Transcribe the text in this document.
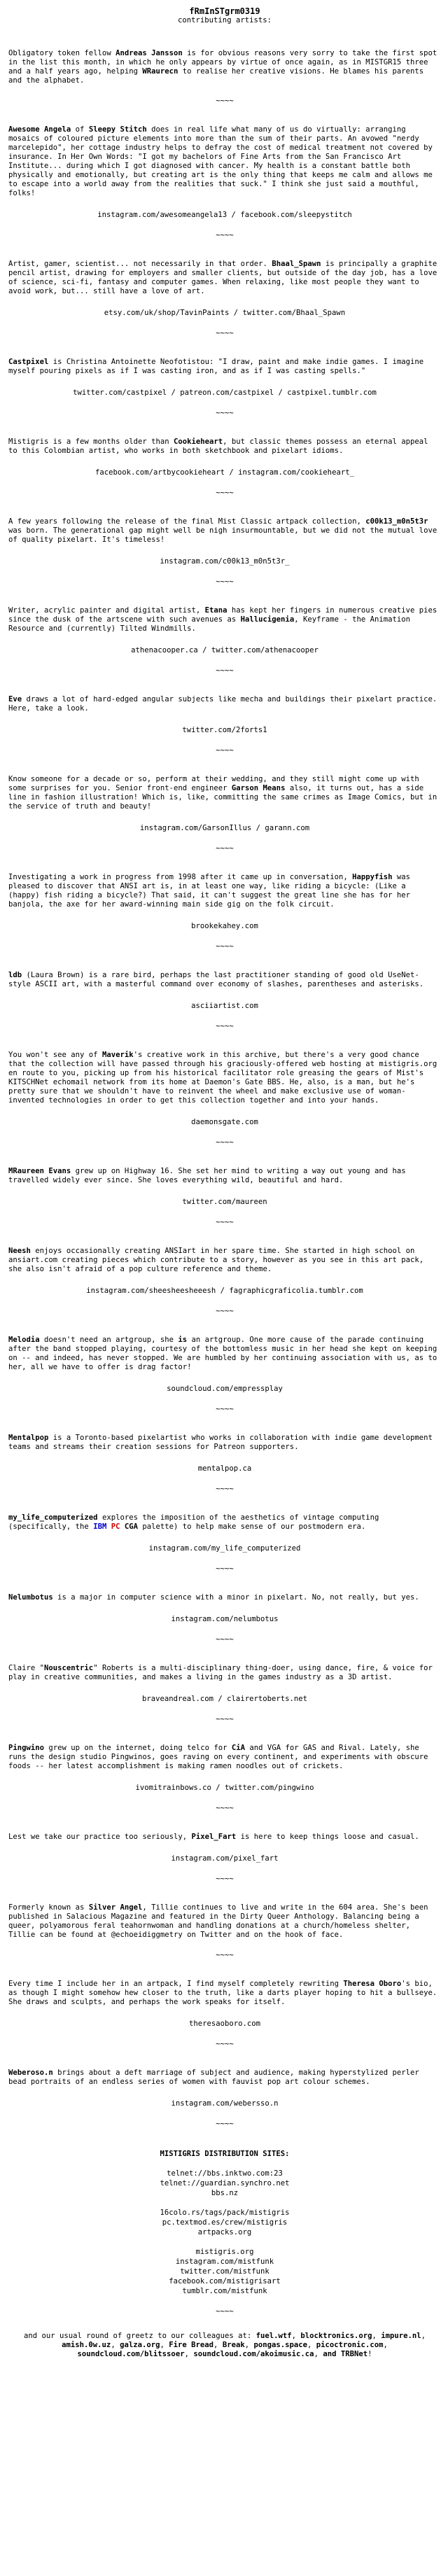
fRmInSTgrm0319
contributing artists:

Obligatory token fellow Andreas Jansson is for obvious reasons very sorry to take the first spot in the list this month, in which he only appears by virtue of once again, as in MISTGR15 three and a half years ago, helping WRaurecn to realise her creative visions. He blames his parents and the alphabet.

~~~~

Awesome Angela of Sleepy Stitch does in real life what many of us do virtually: arranging mosaics of coloured picture elements into more than the sum of their parts. An avowed "nerdy marcelepido", her cottage industry helps to defray the cost of medical treatment not covered by insurance. In Her Own Words: "I got my bachelors of Fine Arts from the San Francisco Art Institute... during which I got diagnosed with cancer. My health is a constant battle both physically and emotionally, but creating art is the only thing that keeps me calm and allows me to escape into a world away from the realities that suck." I think she just said a mouthful, folks!

instagram.com/awesomeangela13 / facebook.com/sleepystitch
~~~~

Artist, gamer, scientist... not necessarily in that order. Bhaal_Spawn is principally a graphite pencil artist, drawing for employers and smaller clients, but outside of the day job, has a love of science, sci-fi, fantasy and computer games. When relaxing, like most people they want to avoid work, but... still have a love of art.

etsy.com/uk/shop/TavinPaints / twitter.com/Bhaal_Spawn
~~~~

Castpixel is Christina Antoinette Neofotistou: "I draw, paint and make indie games. I imagine myself pouring pixels as if I was casting iron, and as if I was casting spells."

twitter.com/castpixel / patreon.com/castpixel / castpixel.tumblr.com
~~~~

Mistigris is a few months older than Cookieheart, but classic themes possess an eternal appeal to this Colombian artist, who works in both sketchbook and pixelart idioms.

facebook.com/artbycookieheart / instagram.com/cookieheart_
~~~~

A few years following the release of the final Mist Classic artpack collection, c00k13_m0n5t3r was born. The generational gap might well be nigh insurmountable, but we did not the mutual love of quality pixelart. It's timeless!

instagram.com/c00k13_m0n5t3r_
~~~~

Writer, acrylic painter and digital artist, Etana has kept her fingers in numerous creative pies since the dusk of the artscene with such avenues as Hallucigenia, Keyframe - the Animation Resource and (currently) Tilted Windmills.

athenacooper.ca / twitter.com/athenacooper
~~~~

Eve draws a lot of hard-edged angular subjects like mecha and buildings their pixelart practice. Here, take a look.

twitter.com/2forts1
~~~~

Know someone for a decade or so, perform at their wedding, and they still might come up with some surprises for you. Senior front-end engineer Garson Means also, it turns out, has a side line in fashion illustration! Which is, like, committing the same crimes as Image Comics, but in the service of truth and beauty!

instagram.com/GarsonIllus / garann.com
~~~~

Investigating a work in progress from 1998 after it came up in conversation, Happyfish was pleased to discover that ANSI art is, in at least one way, like riding a bicycle: (Like a (happy) fish riding a bicycle?) That said, it can't suggest the great line she has for her banjola, the axe for her award-winning main side gig on the folk circuit.

brookekahey.com
~~~~

ldb (Laura Brown) is a rare bird, perhaps the last practitioner standing of good old UseNet-style ASCII art, with a masterful command over economy of slashes, parentheses and asterisks.

asciiartist.com
~~~~

You won't see any of Maverik's creative work in this archive, but there's a very good chance that the collection will have passed through his graciously-offered web hosting at mistigris.org en route to you, picking up from his historical facilitator role greasing the gears of Mist's KITSCHNet echomail network from its home at Daemon's Gate BBS. He, also, is a man, but he's pretty sure that we shouldn't have to reinvent the wheel and make exclusive use of woman-invented technologies in order to get this collection together and into your hands.

daemonsgate.com
~~~~

MRaureen Evans grew up on Highway 16. She set her mind to writing a way out young and has travelled widely ever since. She loves everything wild, beautiful and hard.

twitter.com/maureen
~~~~

Neesh enjoys occasionally creating ANSIart in her spare time. She started in high school on ansiart.com creating pieces which contribute to a story, however as you see in this art pack, she also isn't afraid of a pop culture reference and theme.

instagram.com/sheesheesheeesh / fagraphicgraficolia.tumblr.com
~~~~

Melodia doesn't need an artgroup, she is an artgroup. One more cause of the parade continuing after the band stopped playing, courtesy of the bottomless music in her head she kept on keeping on -- and indeed, has never stopped. We are humbled by her continuing association with us, as to her, all we have to offer is drag factor!

soundcloud.com/empressplay
~~~~

Mentalpop is a Toronto-based pixelartist who works in collaboration with indie game development teams and streams their creation sessions for Patreon supporters.

mentalpop.ca
~~~~

my_life_computerized explores the imposition of the aesthetics of vintage computing (specifically, the IBM PC CGA palette) to help make sense of our postmodern era.

instagram.com/my_life_computerized
~~~~

Nelumbotus is a major in computer science with a minor in pixelart. No, not really, but yes.

instagram.com/nelumbotus
~~~~

Claire "Nouscentric" Roberts is a multi-disciplinary thing-doer, using dance, fire, & voice for play in creative communities, and makes a living in the games industry as a 3D artist.

braveandreal.com / clairertoberts.net
~~~~

Pingwino grew up on the internet, doing telco for CiA and VGA for GAS and Rival. Lately, she runs the design studio Pingwinos, goes raving on every continent, and experiments with obscure foods -- her latest accomplishment is making ramen noodles out of crickets.

ivomitrainbows.co / twitter.com/pingwino
~~~~

Lest we take our practice too seriously, Pixel_Fart is here to keep things loose and casual.

instagram.com/pixel_fart
~~~~

Formerly known as Silver Angel, Tillie continues to live and write in the 604 area. She's been published in Salacious Magazine and featured in the Dirty Queer Anthology. Balancing being a queer, polyamorous feral teahornwoman and handling donations at a church/homeless shelter, Tillie can be found at @echoeidiggmetry on Twitter and on the hook of face.

~~~~

Every time I include her in an artpack, I find myself completely rewriting Theresa Oboro's bio, as though I might somehow hew closer to the truth, like a darts player hoping to hit a bullseye. She draws and sculpts, and perhaps the work speaks for itself.

theresaoboro.com
~~~~

Weberoso.n brings about a deft marriage of subject and audience, making hyperstylized perler bead portraits of an endless series of women with fauvist pop art colour schemes.

instagram.com/webersso.n
~~~~
MISTIGRIS DISTRIBUTION SITES:
telnet://bbs.inktwo.com:23
telnet://guardian.synchro.net
bbs.nz
16colo.rs/tags/pack/mistigris
pc.textmod.es/crew/mistigris
artpacks.org
mistigris.org
instagram.com/mistfunk
twitter.com/mistfunk
facebook.com/mistigrisart
tumblr.com/mistfunk
~~~~
and our usual round of greetz to our colleagues at: fuel.wtf, blocktronics.org, impure.nl, amish.0w.uz, galza.org, Fire Bread, Break, pongas.space, picoctronic.com, soundcloud.com/blitssoer, soundcloud.com/akoimusic.ca, and TRBNet!
